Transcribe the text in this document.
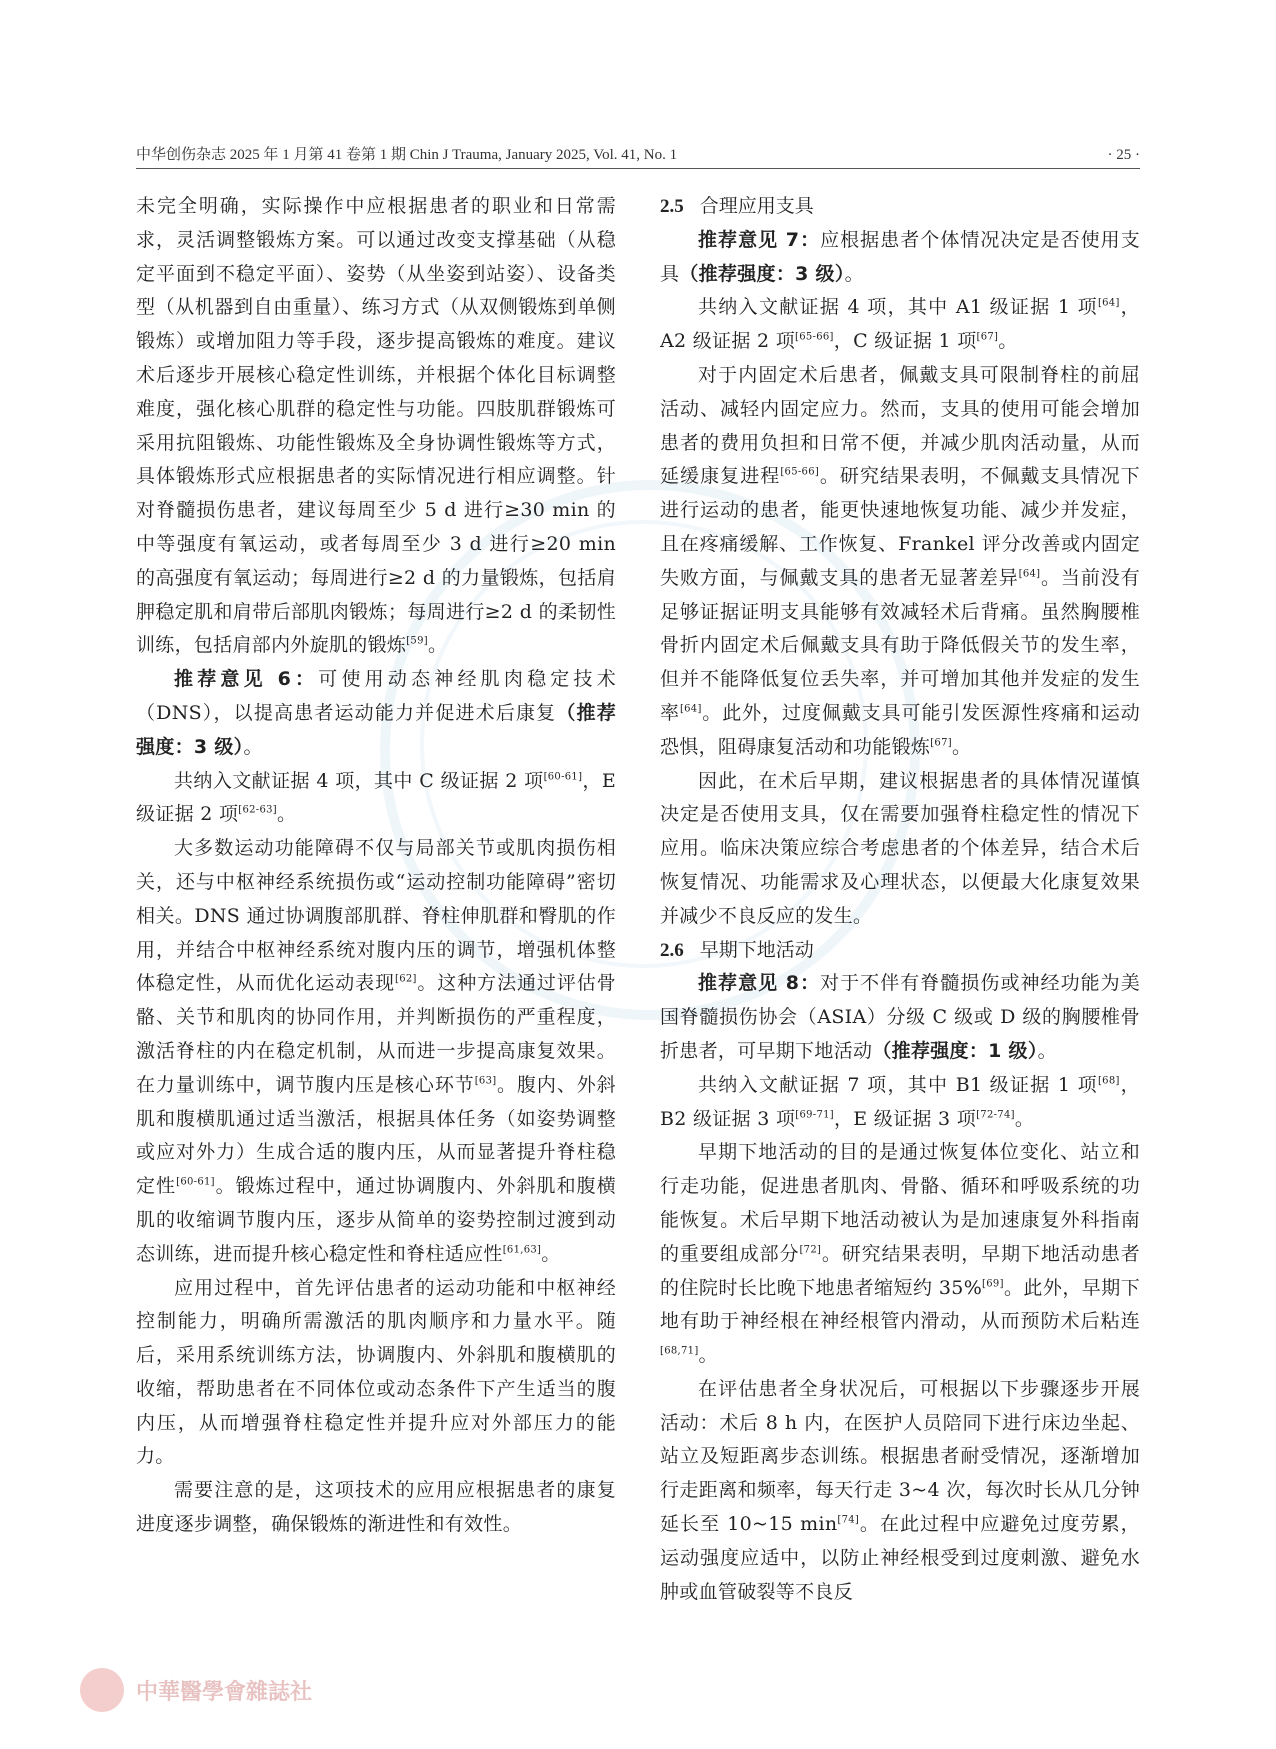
中华创伤杂志 2025 年 1 月第 41 卷第 1 期 Chin J Trauma, January 2025, Vol. 41, No. 1	· 25 ·

未完全明确，实际操作中应根据患者的职业和日常需求，灵活调整锻炼方案。可以通过改变支撑基础（从稳定平面到不稳定平面）、姿势（从坐姿到站姿）、设备类型（从机器到自由重量）、练习方式（从双侧锻炼到单侧锻炼）或增加阻力等手段，逐步提高锻炼的难度。建议术后逐步开展核心稳定性训练，并根据个体化目标调整难度，强化核心肌群的稳定性与功能。四肢肌群锻炼可采用抗阻锻炼、功能性锻炼及全身协调性锻炼等方式，具体锻炼形式应根据患者的实际情况进行相应调整。针对脊髓损伤患者，建议每周至少 5 d 进行≥30 min 的中等强度有氧运动，或者每周至少 3 d 进行≥20 min 的高强度有氧运动；每周进行≥2 d 的力量锻炼，包括肩胛稳定肌和肩带后部肌肉锻炼；每周进行≥2 d 的柔韧性训练，包括肩部内外旋肌的锻炼[59]。

推荐意见 6：可使用动态神经肌肉稳定技术（DNS），以提高患者运动能力并促进术后康复（推荐强度：3 级）。

共纳入文献证据 4 项，其中 C 级证据 2 项[60-61]，E 级证据 2 项[62-63]。

大多数运动功能障碍不仅与局部关节或肌肉损伤相关，还与中枢神经系统损伤或“运动控制功能障碍”密切相关。DNS 通过协调腹部肌群、脊柱伸肌群和臀肌的作用，并结合中枢神经系统对腹内压的调节，增强机体整体稳定性，从而优化运动表现[62]。这种方法通过评估骨骼、关节和肌肉的协同作用，并判断损伤的严重程度，激活脊柱的内在稳定机制，从而进一步提高康复效果。在力量训练中，调节腹内压是核心环节[63]。腹内、外斜肌和腹横肌通过适当激活，根据具体任务（如姿势调整或应对外力）生成合适的腹内压，从而显著提升脊柱稳定性[60-61]。锻炼过程中，通过协调腹内、外斜肌和腹横肌的收缩调节腹内压，逐步从简单的姿势控制过渡到动态训练，进而提升核心稳定性和脊柱适应性[61,63]。

应用过程中，首先评估患者的运动功能和中枢神经控制能力，明确所需激活的肌肉顺序和力量水平。随后，采用系统训练方法，协调腹内、外斜肌和腹横肌的收缩，帮助患者在不同体位或动态条件下产生适当的腹内压，从而增强脊柱稳定性并提升应对外部压力的能力。

需要注意的是，这项技术的应用应根据患者的康复进度逐步调整，确保锻炼的渐进性和有效性。

2.5 合理应用支具

推荐意见 7：应根据患者个体情况决定是否使用支具（推荐强度：3 级）。

共纳入文献证据 4 项，其中 A1 级证据 1 项[64]，A2 级证据 2 项[65-66]，C 级证据 1 项[67]。

对于内固定术后患者，佩戴支具可限制脊柱的前屈活动、减轻内固定应力。然而，支具的使用可能会增加患者的费用负担和日常不便，并减少肌肉活动量，从而延缓康复进程[65-66]。研究结果表明，不佩戴支具情况下进行运动的患者，能更快速地恢复功能、减少并发症，且在疼痛缓解、工作恢复、Frankel 评分改善或内固定失败方面，与佩戴支具的患者无显著差异[64]。当前没有足够证据证明支具能够有效减轻术后背痛。虽然胸腰椎骨折内固定术后佩戴支具有助于降低假关节的发生率，但并不能降低复位丢失率，并可增加其他并发症的发生率[64]。此外，过度佩戴支具可能引发医源性疼痛和运动恐惧，阻碍康复活动和功能锻炼[67]。

因此，在术后早期，建议根据患者的具体情况谨慎决定是否使用支具，仅在需要加强脊柱稳定性的情况下应用。临床决策应综合考虑患者的个体差异，结合术后恢复情况、功能需求及心理状态，以便最大化康复效果并减少不良反应的发生。

2.6 早期下地活动

推荐意见 8：对于不伴有脊髓损伤或神经功能为美国脊髓损伤协会（ASIA）分级 C 级或 D 级的胸腰椎骨折患者，可早期下地活动（推荐强度：1 级）。

共纳入文献证据 7 项，其中 B1 级证据 1 项[68]，B2 级证据 3 项[69-71]，E 级证据 3 项[72-74]。

早期下地活动的目的是通过恢复体位变化、站立和行走功能，促进患者肌肉、骨骼、循环和呼吸系统的功能恢复。术后早期下地活动被认为是加速康复外科指南的重要组成部分[72]。研究结果表明，早期下地活动患者的住院时长比晚下地患者缩短约 35%[69]。此外，早期下地有助于神经根在神经根管内滑动，从而预防术后粘连[68,71]。

在评估患者全身状况后，可根据以下步骤逐步开展活动：术后 8 h 内，在医护人员陪同下进行床边坐起、站立及短距离步态训练。根据患者耐受情况，逐渐增加行走距离和频率，每天行走 3~4 次，每次时长从几分钟延长至 10~15 min[74]。在此过程中应避免过度劳累，运动强度应适中，以防止神经根受到过度刺激、避免水肿或血管破裂等不良反

中華醫學會雜誌社
